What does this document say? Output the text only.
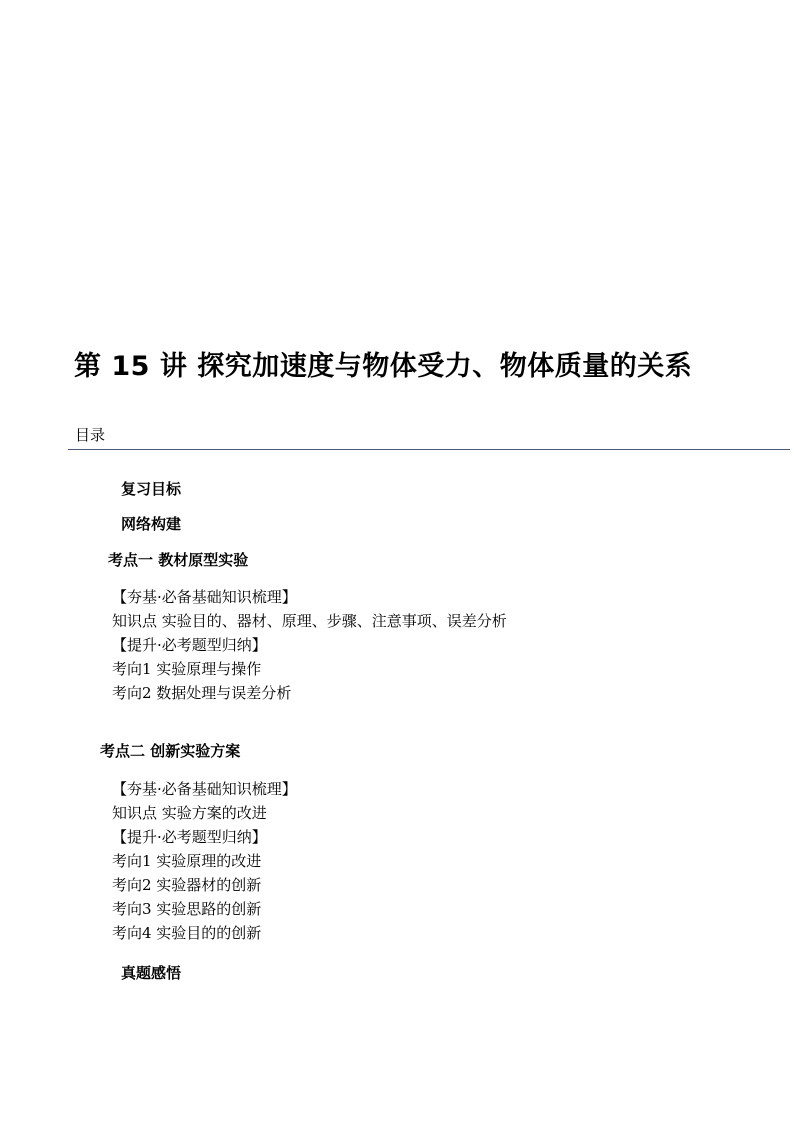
第 15 讲 探究加速度与物体受力、物体质量的关系
目录
复习目标
网络构建
考点一 教材原型实验
【夯基·必备基础知识梳理】
知识点 实验目的、器材、原理、步骤、注意事项、误差分析
【提升·必考题型归纳】
考向1 实验原理与操作
考向2 数据处理与误差分析
考点二 创新实验方案
【夯基·必备基础知识梳理】
知识点 实验方案的改进
【提升·必考题型归纳】
考向1 实验原理的改进
考向2 实验器材的创新
考向3 实验思路的创新
考向4 实验目的的创新
真题感悟
